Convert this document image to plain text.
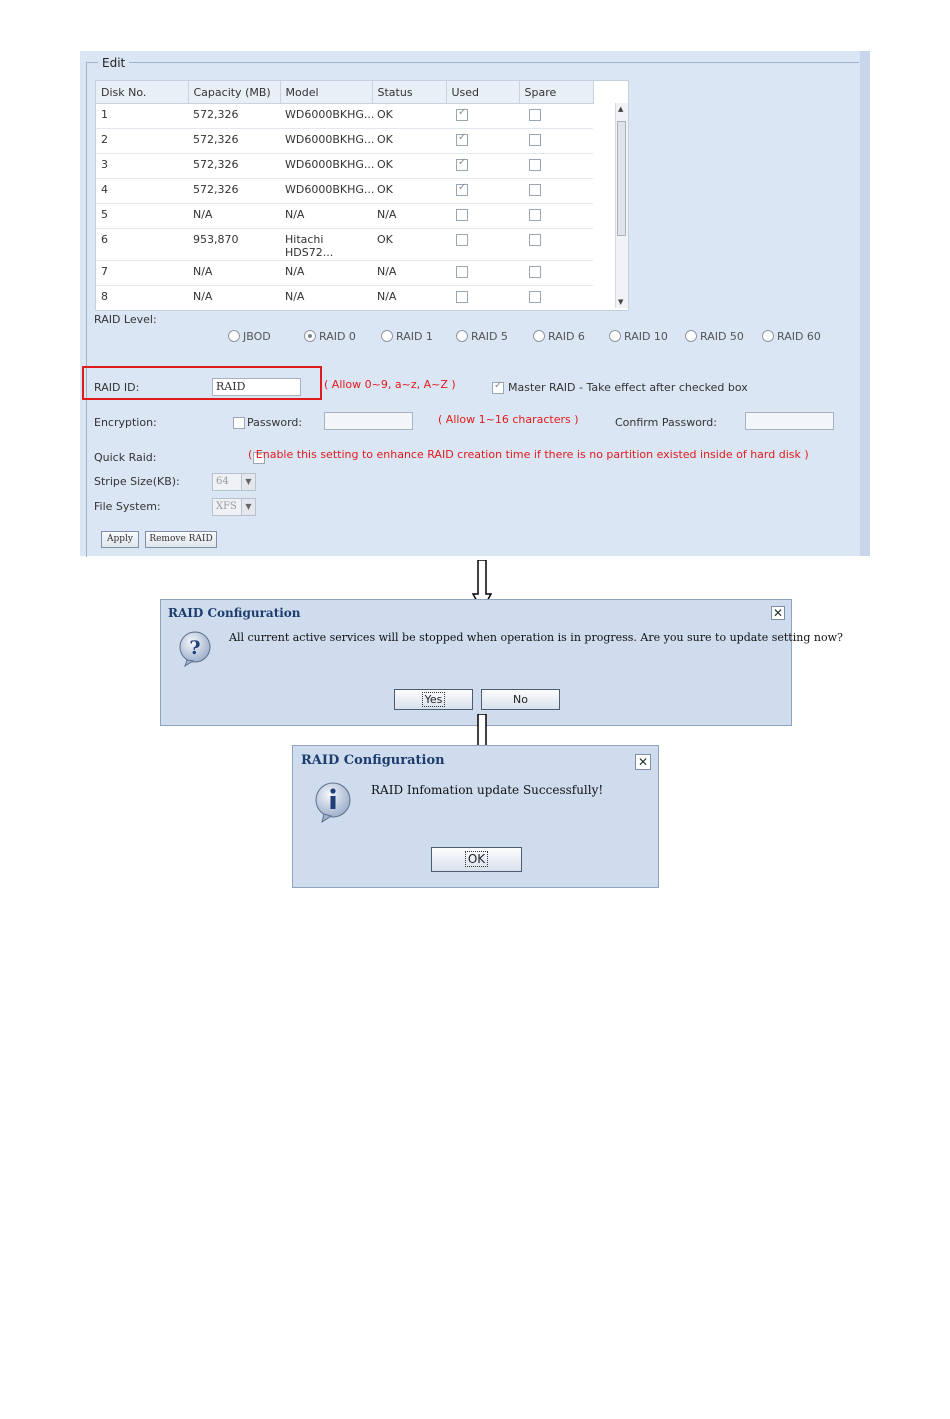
Edit
Disk No.	Capacity (MB)	Model	Status	Used	Spare
1	572,326	WD6000BKHG...	OK	✓	
2	572,326	WD6000BKHG...	OK	✓	
3	572,326	WD6000BKHG...	OK	✓	
4	572,326	WD6000BKHG...	OK	✓	
5	N/A	N/A	N/A		
6	953,870	Hitachi HDS72...	OK		
7	N/A	N/A	N/A		
8	N/A	N/A	N/A		
▲
▼
RAID Level:
JBOD	RAID 0	RAID 1	RAID 5	RAID 6	RAID 10	RAID 50	RAID 60
RAID ID:	RAID	( Allow 0~9, a~z, A~Z ) ✓	Master RAID - Take effect after checked box
Encryption:
	Password:	( Allow 1~16 characters )	Confirm Password:
Quick Raid:	( Enable this setting to enhance RAID creation time if there is no partition existed inside of hard disk )
Stripe Size(KB):	64	▼
File System:	XFS	▼
Apply	Remove RAID
RAID Configuration	✕
?	All current active services will be stopped when operation is in progress. Are you sure to update setting now?
Yes	No
RAID Configuration	✕
RAID Infomation update Successfully!
OK
